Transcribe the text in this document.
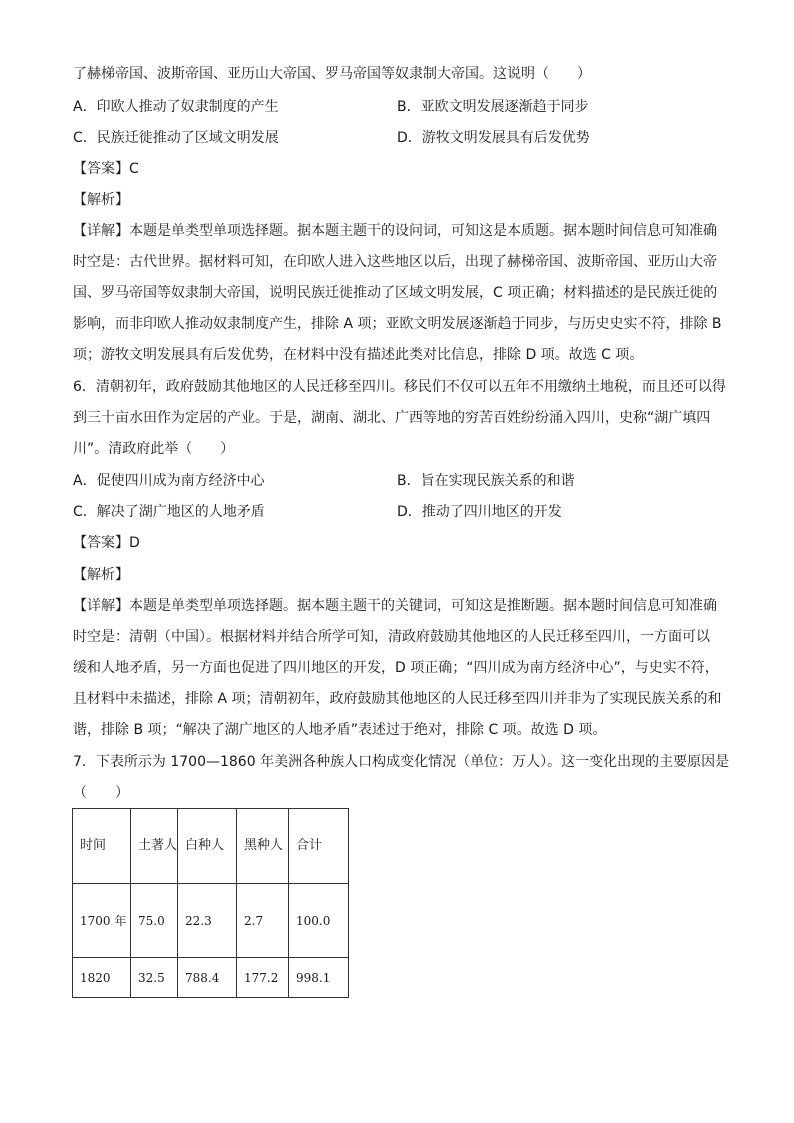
了赫梯帝国、波斯帝国、亚历山大帝国、罗马帝国等奴隶制大帝国。这说明（　　）
A．印欧人推动了奴隶制度的产生	B．亚欧文明发展逐渐趋于同步
C．民族迁徙推动了区域文明发展	D．游牧文明发展具有后发优势
【答案】C
【解析】
【详解】本题是单类型单项选择题。据本题主题干的设问词，可知这是本质题。据本题时间信息可知准确
时空是：古代世界。据材料可知，在印欧人进入这些地区以后，出现了赫梯帝国、波斯帝国、亚历山大帝
国、罗马帝国等奴隶制大帝国，说明民族迁徙推动了区域文明发展，C 项正确；材料描述的是民族迁徙的
影响，而非印欧人推动奴隶制度产生，排除 A 项；亚欧文明发展逐渐趋于同步，与历史史实不符，排除 B
项；游牧文明发展具有后发优势，在材料中没有描述此类对比信息，排除 D 项。故选 C 项。
6．清朝初年，政府鼓励其他地区的人民迁移至四川。移民们不仅可以五年不用缴纳土地税，而且还可以得
到三十亩水田作为定居的产业。于是，湖南、湖北、广西等地的穷苦百姓纷纷涌入四川，史称“湖广填四
川”。清政府此举（　　）
A．促使四川成为南方经济中心	B．旨在实现民族关系的和谐
C．解决了湖广地区的人地矛盾	D．推动了四川地区的开发
【答案】D
【解析】
【详解】本题是单类型单项选择题。据本题主题干的关键词，可知这是推断题。据本题时间信息可知准确
时空是：清朝（中国）。根据材料并结合所学可知，清政府鼓励其他地区的人民迁移至四川，一方面可以
缓和人地矛盾，另一方面也促进了四川地区的开发，D 项正确；“四川成为南方经济中心”，与史实不符，
且材料中未描述，排除 A 项；清朝初年，政府鼓励其他地区的人民迁移至四川并非为了实现民族关系的和
谐，排除 B 项；“解决了湖广地区的人地矛盾”表述过于绝对，排除 C 项。故选 D 项。
7．下表所示为 1700—1860 年美洲各种族人口构成变化情况（单位：万人）。这一变化出现的主要原因是
（　　）
时间	土著人	白种人	黑种人	合计
1700 年	75.0	22.3	2.7	100.0
1820	32.5	788.4	177.2	998.1
